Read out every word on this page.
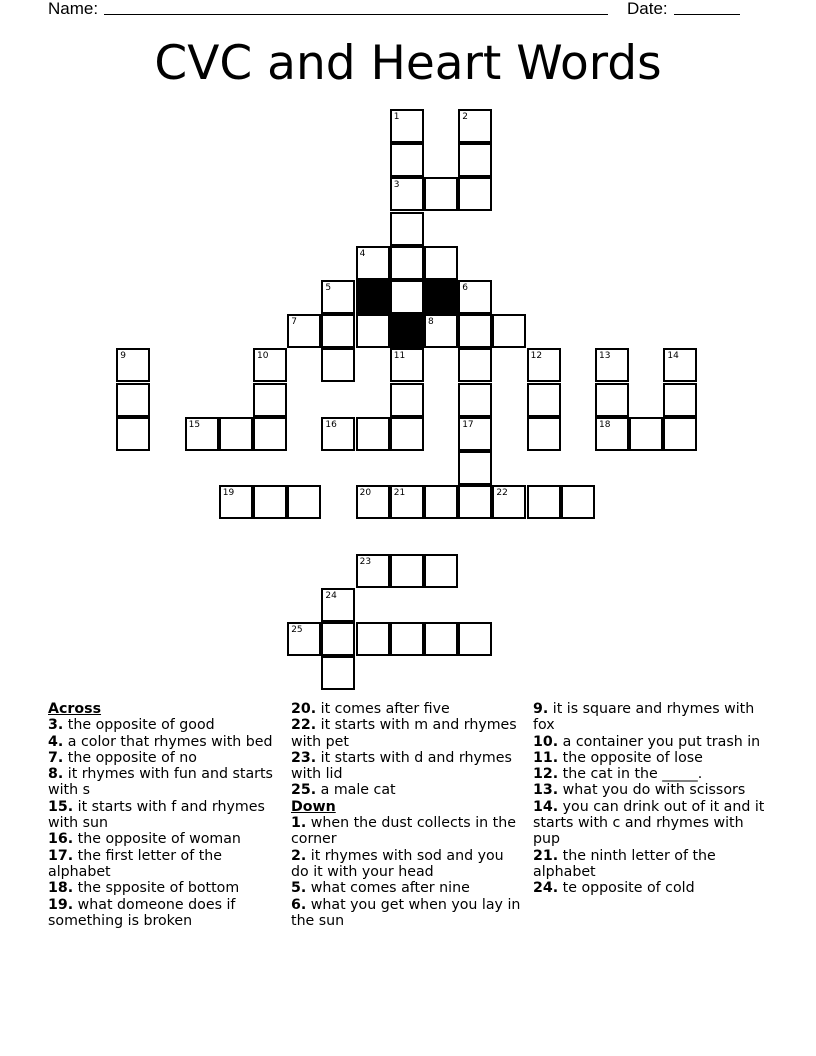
Name:	Date:
CVC and Heart Words
1	2
3
4
5	6
7	8
9	10	11	12	13	14
15	16	17	18
19	20	21	22
23
24
25
Across
3. the opposite of good
4. a color that rhymes with bed
7. the opposite of no
8. it rhymes with fun and starts with s
15. it starts with f and rhymes with sun
16. the opposite of woman
17. the first letter of the alphabet
18. the spposite of bottom
19. what domeone does if something is broken
20. it comes after five
22. it starts with m and rhymes with pet
23. it starts with d and rhymes with lid
25. a male cat
Down
1. when the dust collects in the corner
2. it rhymes with sod and you do it with your head
5. what comes after nine
6. what you get when you lay in the sun
9. it is square and rhymes with fox
10. a container you put trash in
11. the opposite of lose
12. the cat in the _____.
13. what you do with scissors
14. you can drink out of it and it starts with c and rhymes with pup
21. the ninth letter of the alphabet
24. te opposite of cold
